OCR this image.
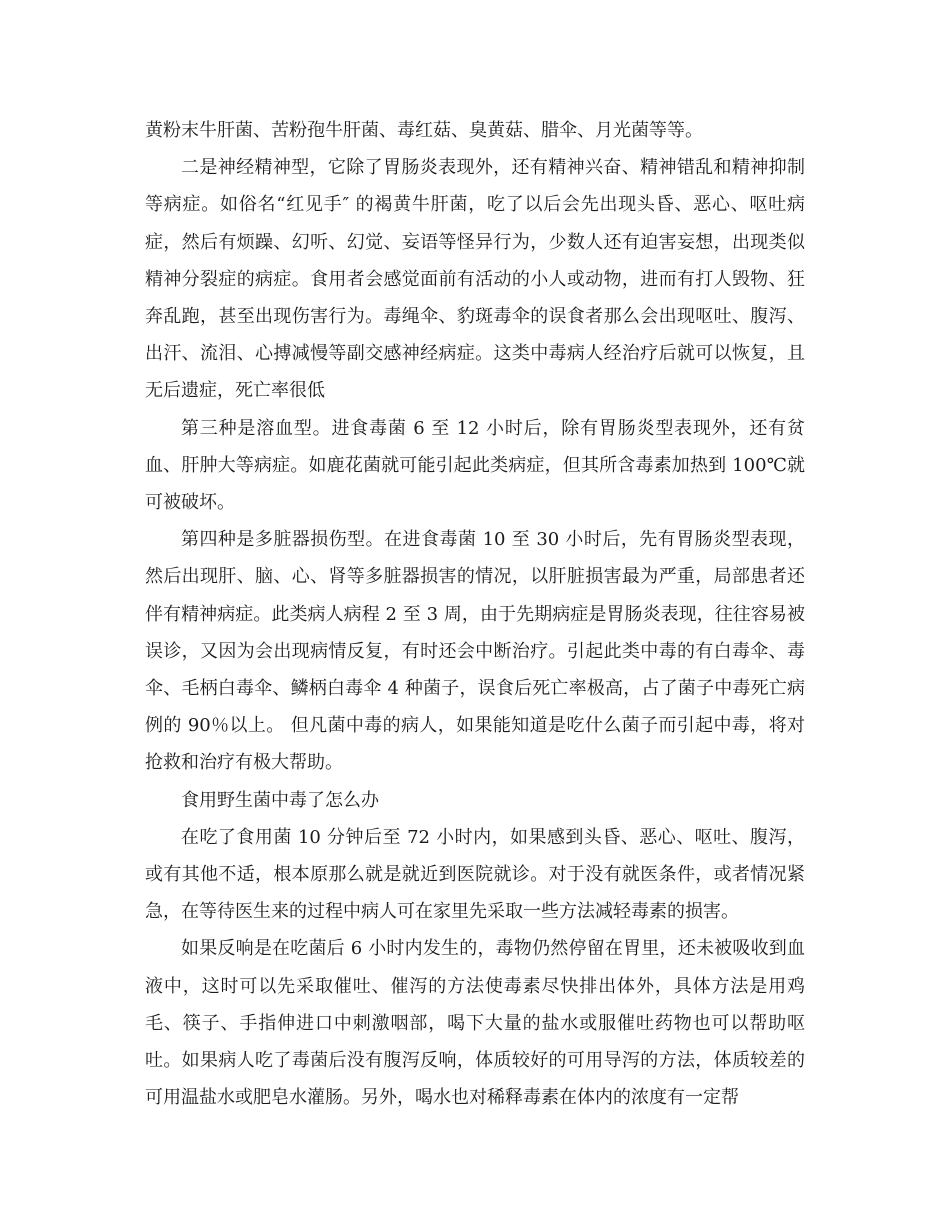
黄粉末牛肝菌、苦粉孢牛肝菌、毒红菇、臭黄菇、腊伞、月光菌等等。

二是神经精神型，它除了胃肠炎表现外，还有精神兴奋、精神错乱和精神抑制等病症。如俗名“红见手″ 的褐黄牛肝菌，吃了以后会先出现头昏、恶心、呕吐病症，然后有烦躁、幻听、幻觉、妄语等怪异行为，少数人还有迫害妄想，出现类似精神分裂症的病症。食用者会感觉面前有活动的小人或动物，进而有打人毁物、狂奔乱跑，甚至出现伤害行为。毒绳伞、豹斑毒伞的误食者那么会出现呕吐、腹泻、出汗、流泪、心搏减慢等副交感神经病症。这类中毒病人经治疗后就可以恢复，且无后遗症，死亡率很低

第三种是溶血型。进食毒菌 6 至 12 小时后，除有胃肠炎型表现外，还有贫血、肝肿大等病症。如鹿花菌就可能引起此类病症，但其所含毒素加热到 100℃就可被破坏。

第四种是多脏器损伤型。在进食毒菌 10 至 30 小时后，先有胃肠炎型表现，然后出现肝、脑、心、肾等多脏器损害的情况，以肝脏损害最为严重，局部患者还伴有精神病症。此类病人病程 2 至 3 周，由于先期病症是胃肠炎表现，往往容易被误诊，又因为会出现病情反复，有时还会中断治疗。引起此类中毒的有白毒伞、毒伞、毛柄白毒伞、鳞柄白毒伞 4 种菌子，误食后死亡率极高，占了菌子中毒死亡病例的 90％以上。 但凡菌中毒的病人，如果能知道是吃什么菌子而引起中毒，将对抢救和治疗有极大帮助。

食用野生菌中毒了怎么办

在吃了食用菌 10 分钟后至 72 小时内，如果感到头昏、恶心、呕吐、腹泻，或有其他不适，根本原那么就是就近到医院就诊。对于没有就医条件，或者情况紧急，在等待医生来的过程中病人可在家里先采取一些方法减轻毒素的损害。

如果反响是在吃菌后 6 小时内发生的，毒物仍然停留在胃里，还未被吸收到血液中，这时可以先采取催吐、催泻的方法使毒素尽快排出体外，具体方法是用鸡毛、筷子、手指伸进口中刺激咽部，喝下大量的盐水或服催吐药物也可以帮助呕吐。如果病人吃了毒菌后没有腹泻反响，体质较好的可用导泻的方法，体质较差的可用温盐水或肥皂水灌肠。另外，喝水也对稀释毒素在体内的浓度有一定帮
